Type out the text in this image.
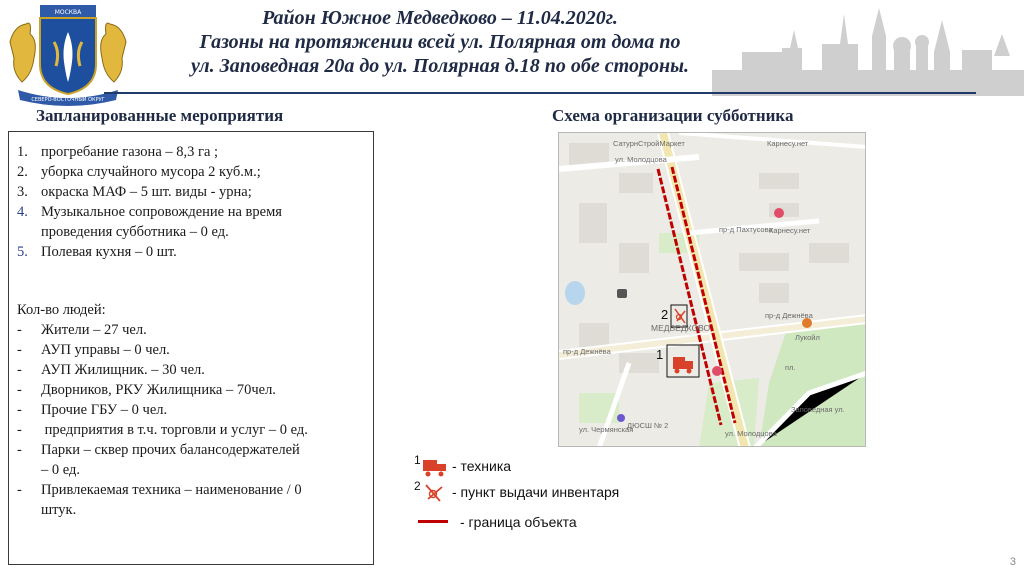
МОСКВА
СЕВЕРО-ВОСТОЧНЫЙ ОКРУГ
Район Южное Медведково – 11.04.2020г.
Газоны на протяжении всей ул. Полярная от дома по
ул. Заповедная 20а до ул. Полярная д.18 по обе стороны.
Запланированные мероприятия	Схема организации субботника
1. прогребание газона – 8,3 га ;
2. уборка случайного мусора 2 куб.м.;
3. окраска МАФ – 5 шт. виды - урна;
4. Музыкальное сопровождение на время
проведения субботника – 0 ед.
5. Полевая кухня – 0 шт.
Кол-во людей:
- Жители – 27 чел.
- АУП управы – 0 чел.
- АУП Жилищник. – 30 чел.
- Дворников, РКУ Жилищника – 70чел.
- Прочие ГБУ – 0 чел.
- предприятия в т.ч. торговли и услуг – 0 ед.
- Парки – сквер прочих балансодержателей
– 0 ед.
- Привлекаемая техника – наименование / 0
штук.
СатурнСтройМаркет
ул. Молодцова
Карнесу.нет
пр-д Пахтусова
Карнесу.нет
МЕДВЕДКОВО
пр-д Дежнёва
пр-д Дежнёва
Лукойл
ДЮСШ № 2
Заповедная ул.
ул. Молодцова
ул. Чермянская
пл.
2
1
1 - техника
2 - пункт выдачи инвентаря
- граница объекта
3
